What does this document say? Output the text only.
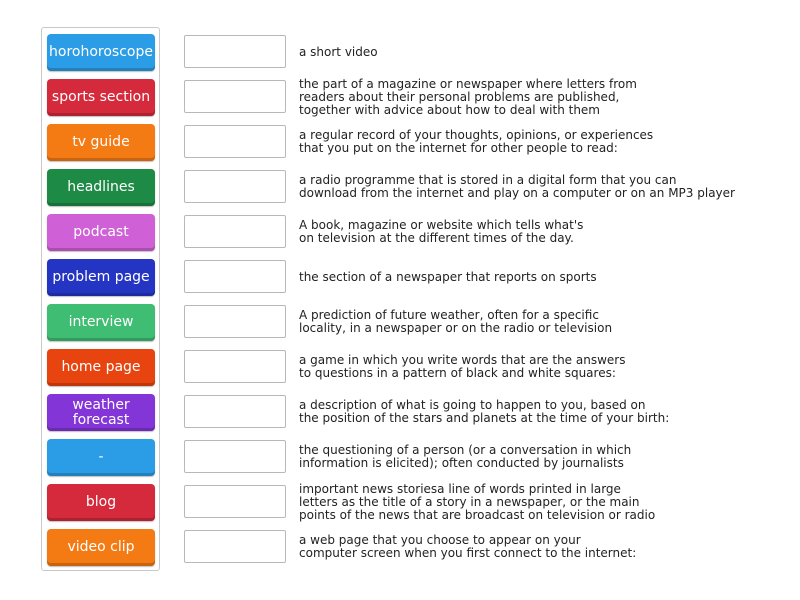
horohoroscope
sports section
tv guide
headlines
podcast
problem page
interview
home page
weather forecast
-
blog
video clip
a short video
the part of a magazine or newspaper where letters from
readers about their personal problems are published,
together with advice about how to deal with them
a regular record of your thoughts, opinions, or experiences
that you put on the internet for other people to read:
a radio programme that is stored in a digital form that you can
download from the internet and play on a computer or on an MP3 player
A book, magazine or website which tells what's
on television at the different times of the day.
the section of a newspaper that reports on sports
A prediction of future weather, often for a specific
locality, in a newspaper or on the radio or television
a game in which you write words that are the answers
to questions in a pattern of black and white squares:
a description of what is going to happen to you, based on
the position of the stars and planets at the time of your birth:
the questioning of a person (or a conversation in which
information is elicited); often conducted by journalists
important news storiesa line of words printed in large
letters as the title of a story in a newspaper, or the main
points of the news that are broadcast on television or radio
a web page that you choose to appear on your
computer screen when you first connect to the internet:
